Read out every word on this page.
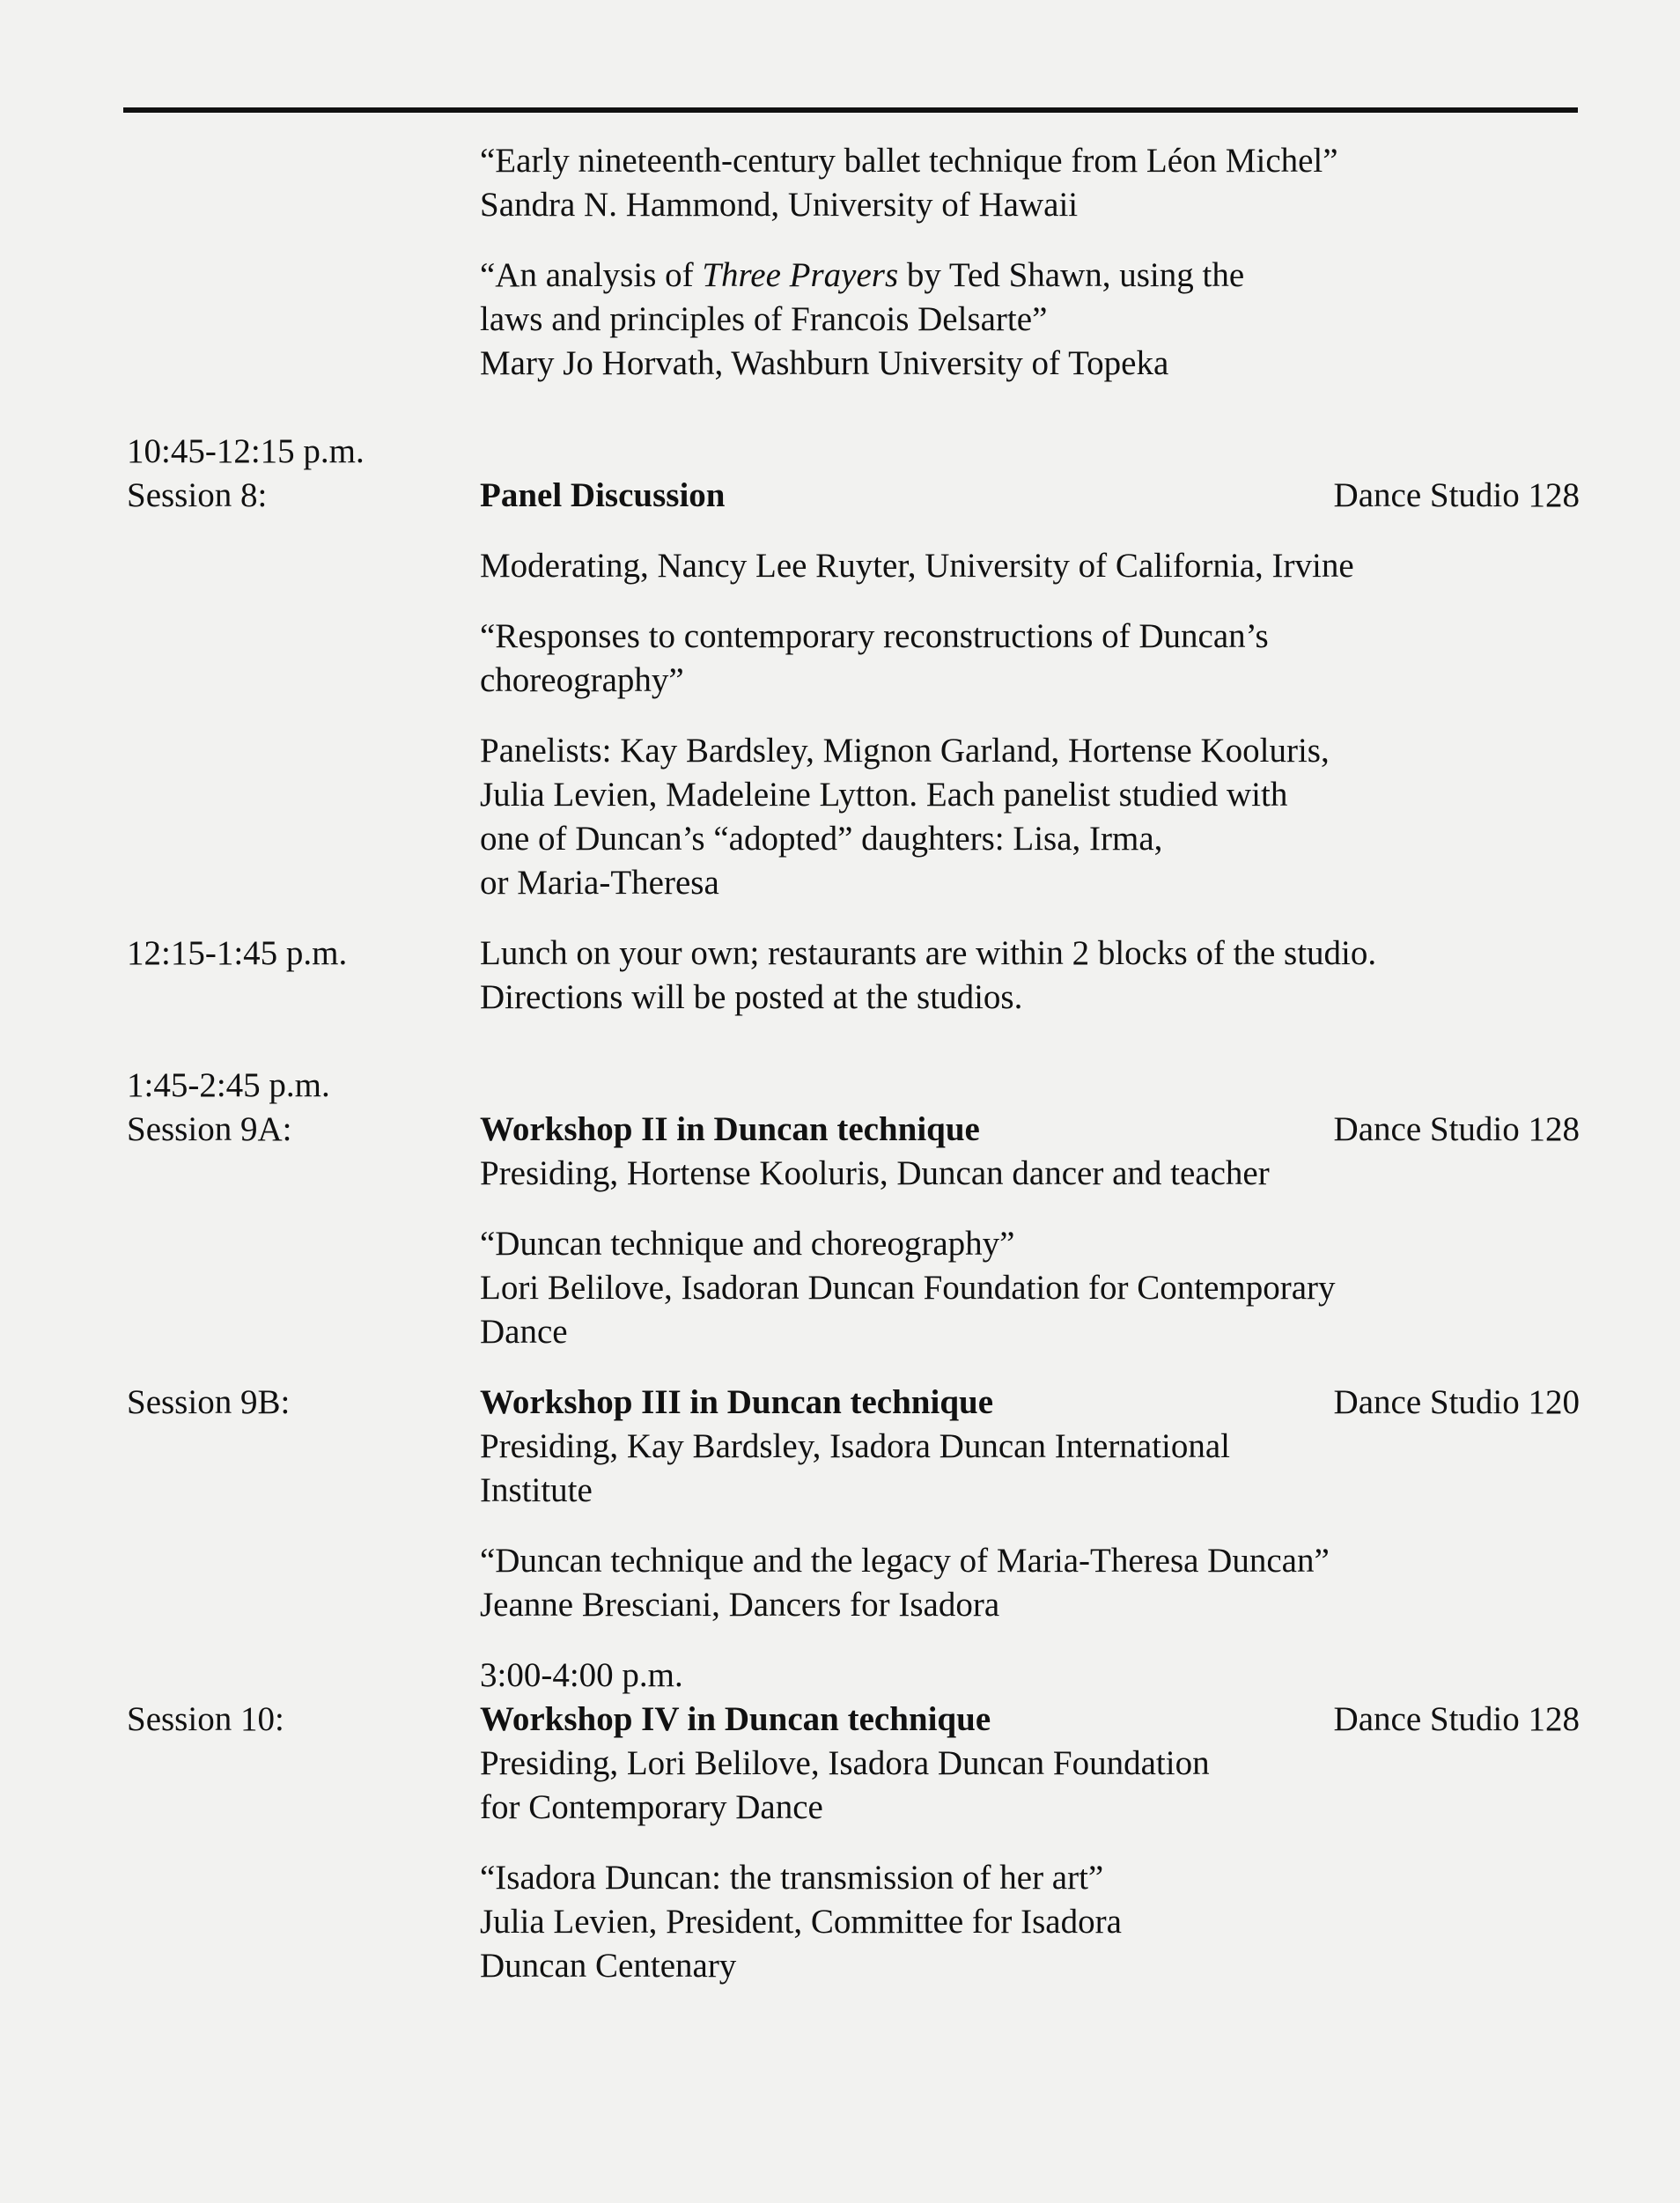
“Early nineteenth-century ballet technique from Léon Michel”
Sandra N. Hammond, University of Hawaii
“An analysis of Three Prayers by Ted Shawn, using the
laws and principles of Francois Delsarte”
Mary Jo Horvath, Washburn University of Topeka
10:45-12:15 p.m.
Session 8:	Panel Discussion	Dance Studio 128
Moderating, Nancy Lee Ruyter, University of California, Irvine
“Responses to contemporary reconstructions of Duncan’s
choreography”
Panelists: Kay Bardsley, Mignon Garland, Hortense Kooluris,
Julia Levien, Madeleine Lytton. Each panelist studied with
one of Duncan’s “adopted” daughters: Lisa, Irma,
or Maria-Theresa
12:15-1:45 p.m.	Lunch on your own; restaurants are within 2 blocks of the studio.
Directions will be posted at the studios.
1:45-2:45 p.m.
Session 9A:	Workshop II in Duncan technique	Dance Studio 128
Presiding, Hortense Kooluris, Duncan dancer and teacher
“Duncan technique and choreography”
Lori Belilove, Isadoran Duncan Foundation for Contemporary
Dance
Session 9B:	Workshop III in Duncan technique	Dance Studio 120
Presiding, Kay Bardsley, Isadora Duncan International
Institute
“Duncan technique and the legacy of Maria-Theresa Duncan”
Jeanne Bresciani, Dancers for Isadora
3:00-4:00 p.m.
Session 10:	Workshop IV in Duncan technique	Dance Studio 128
Presiding, Lori Belilove, Isadora Duncan Foundation
for Contemporary Dance
“Isadora Duncan: the transmission of her art”
Julia Levien, President, Committee for Isadora
Duncan Centenary
